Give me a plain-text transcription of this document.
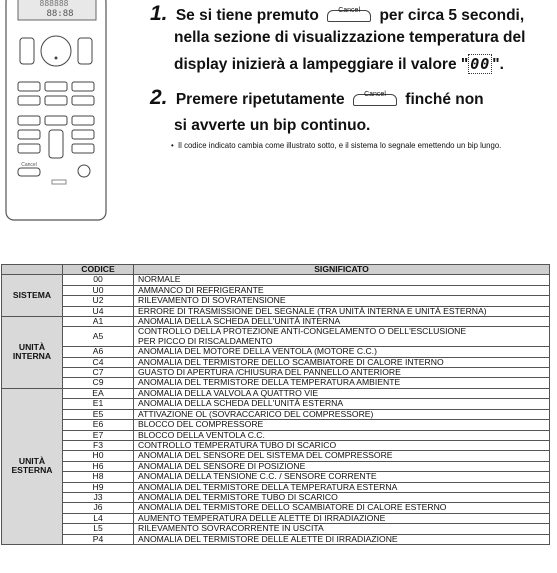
888888
88:88
Cancel
1. Se si tiene premuto	Cancel	per circa 5 secondi,
nella sezione di visualizzazione temperatura del
display inizierà a lampeggiare il valore " 00 ".
2. Premere ripetutamente	Cancel	finché non
si avverte un bip continuo.
• Il codice indicato cambia come illustrato sotto, e il sistema lo segnale emettendo un bip lungo.
	CODICE	SIGNIFICATO
SISTEMA	00	NORMALE
	U0	AMMANCO DI REFRIGERANTE
	U2	RILEVAMENTO DI SOVRATENSIONE
	U4	ERRORE DI TRASMISSIONE DEL SEGNALE (TRA UNITÀ INTERNA E UNITÀ ESTERNA)
UNITÀ
INTERNA	A1	ANOMALIA DELLA SCHEDA DELL'UNITÀ INTERNA
	A5	CONTROLLO DELLA PROTEZIONE ANTI-CONGELAMENTO O DELL'ESCLUSIONE
PER PICCO DI RISCALDAMENTO
	A6	ANOMALIA DEL MOTORE DELLA VENTOLA (MOTORE C.C.)
	C4	ANOMALIA DEL TERMISTORE DELLO SCAMBIATORE DI CALORE INTERNO
	C7	GUASTO DI APERTURA /CHIUSURA DEL PANNELLO ANTERIORE
	C9	ANOMALIA DEL TERMISTORE DELLA TEMPERATURA AMBIENTE
UNITÀ
ESTERNA	EA	ANOMALIA DELLA VALVOLA A QUATTRO VIE
	E1	ANOMALIA DELLA SCHEDA DELL'UNITÀ ESTERNA
	E5	ATTIVAZIONE OL (SOVRACCARICO DEL COMPRESSORE)
	E6	BLOCCO DEL COMPRESSORE
	E7	BLOCCO DELLA VENTOLA C.C.
	F3	CONTROLLO TEMPERATURA TUBO DI SCARICO
	H0	ANOMALIA DEL SENSORE DEL SISTEMA DEL COMPRESSORE
	H6	ANOMALIA DEL SENSORE DI POSIZIONE
	H8	ANOMALIA DELLA TENSIONE C.C. / SENSORE CORRENTE
	H9	ANOMALIA DEL TERMISTORE DELLA TEMPERATURA ESTERNA
	J3	ANOMALIA DEL TERMISTORE TUBO DI SCARICO
	J6	ANOMALIA DEL TERMISTORE DELLO SCAMBIATORE DI CALORE ESTERNO
	L4	AUMENTO TEMPERATURA DELLE ALETTE DI IRRADIAZIONE
	L5	RILEVAMENTO SOVRACORRENTE IN USCITA
	P4	ANOMALIA DEL TERMISTORE DELLE ALETTE DI IRRADIAZIONE
